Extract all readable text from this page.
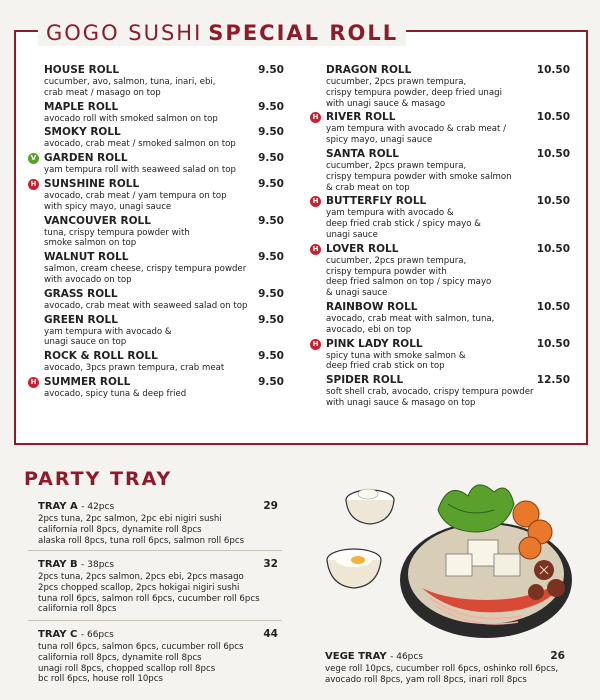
GOGO SUSHI SPECIAL ROLL
HOUSE ROLL	9.50
cucumber, avo, salmon, tuna, inari, ebi,
crab meat / masago on top
MAPLE ROLL	9.50
avocado roll with smoked salmon on top
SMOKY ROLL	9.50
avocado, crab meat / smoked salmon on top
V GARDEN ROLL	9.50
yam tempura roll with seaweed salad on top
H SUNSHINE ROLL	9.50
avocado, crab meat / yam tempura on top
with spicy mayo, unagi sauce
VANCOUVER ROLL	9.50
tuna, crispy tempura powder with
smoke salmon on top
WALNUT ROLL	9.50
salmon, cream cheese, crispy tempura powder
with avocado on top
GRASS ROLL	9.50
avocado, crab meat with seaweed salad on top
GREEN ROLL	9.50
yam tempura with avocado &
unagi sauce on top
ROCK & ROLL ROLL	9.50
avocado, 3pcs prawn tempura, crab meat
H SUMMER ROLL	9.50
avocado, spicy tuna & deep fried
DRAGON ROLL	10.50
cucumber, 2pcs prawn tempura,
crispy tempura powder, deep fried unagi
with unagi sauce & masago
H RIVER ROLL	10.50
yam tempura with avocado & crab meat /
spicy mayo, unagi sauce
SANTA ROLL	10.50
cucumber, 2pcs prawn tempura,
crispy tempura powder with smoke salmon
& crab meat on top
H BUTTERFLY ROLL	10.50
yam tempura with avocado &
deep fried crab stick / spicy mayo &
unagi sauce
H LOVER ROLL	10.50
cucumber, 2pcs prawn tempura,
crispy tempura powder with
deep fried salmon on top / spicy mayo
& unagi sauce
RAINBOW ROLL	10.50
avocado, crab meat with salmon, tuna,
avocado, ebi on top
H PINK LADY ROLL	10.50
spicy tuna with smoke salmon &
deep fried crab stick on top
SPIDER ROLL	12.50
soft shell crab, avocado, crispy tempura powder
with unagi sauce & masago on top
PARTY TRAY
TRAY A - 42pcs	29
2pcs tuna, 2pc salmon, 2pc ebi nigiri sushi
california roll 8pcs, dynamite roll 8pcs
alaska roll 8pcs, tuna roll 6pcs, salmon roll 6pcs
TRAY B - 38pcs	32
2pcs tuna, 2pcs salmon, 2pcs ebi, 2pcs masago
2pcs chopped scallop, 2pcs hokigai nigiri sushi
tuna roll 6pcs, salmon roll 6pcs, cucumber roll 6pcs
california roll 8pcs
TRAY C - 66pcs	44
tuna roll 6pcs, salmon 6pcs, cucumber roll 6pcs
california roll 8pcs, dynamite roll 8pcs
unagi roll 8pcs, chopped scallop roll 8pcs
bc roll 6pcs, house roll 10pcs
VEGE TRAY - 46pcs	26
vege roll 10pcs, cucumber roll 6pcs, oshinko roll 6pcs,
avocado roll 8pcs, yam roll 8pcs, inari roll 8pcs
